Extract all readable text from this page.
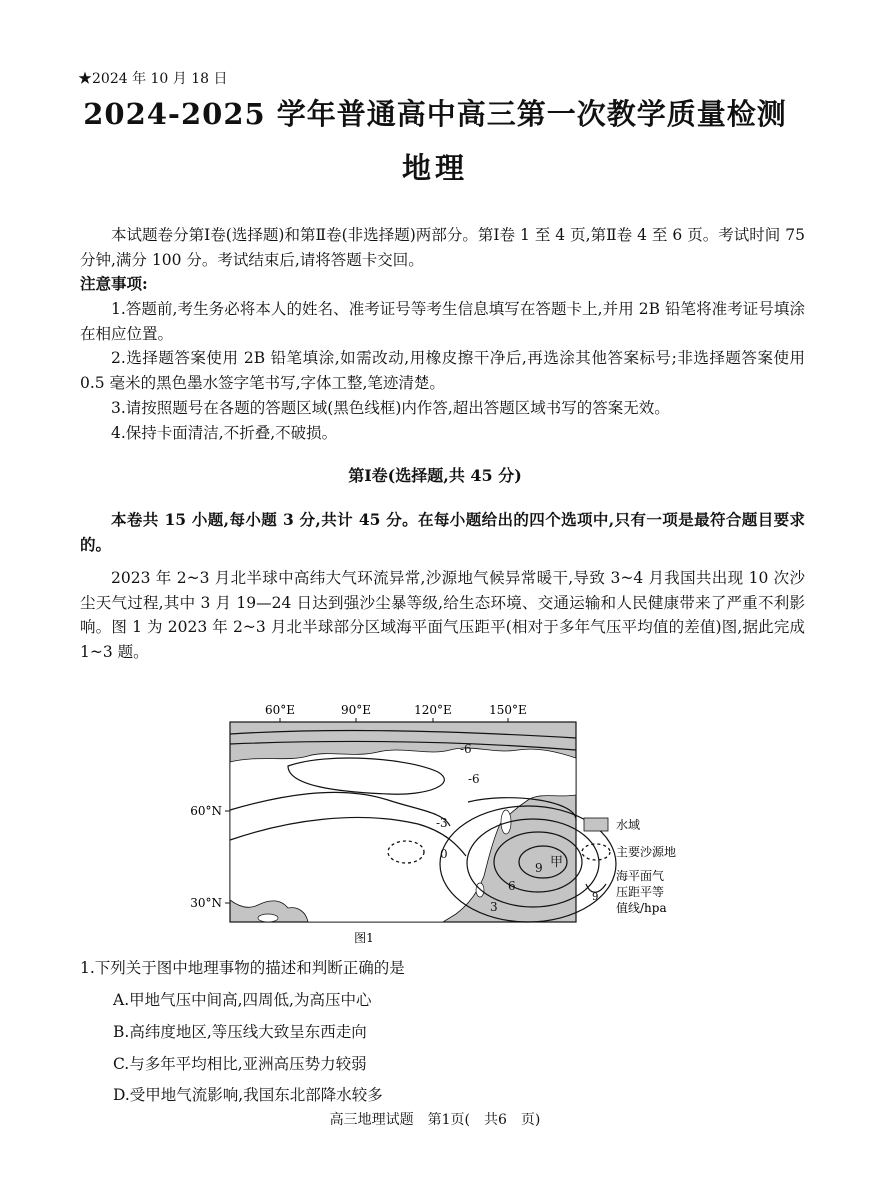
★2024 年 10 月 18 日
2024-2025 学年普通高中高三第一次教学质量检测
地理
本试题卷分第Ⅰ卷(选择题)和第Ⅱ卷(非选择题)两部分。第Ⅰ卷 1 至 4 页,第Ⅱ卷 4 至 6 页。考试时间 75 分钟,满分 100 分。考试结束后,请将答题卡交回。
注意事项:
1.答题前,考生务必将本人的姓名、准考证号等考生信息填写在答题卡上,并用 2B 铅笔将准考证号填涂在相应位置。
2.选择题答案使用 2B 铅笔填涂,如需改动,用橡皮擦干净后,再选涂其他答案标号;非选择题答案使用 0.5 毫米的黑色墨水签字笔书写,字体工整,笔迹清楚。
3.请按照题号在各题的答题区域(黑色线框)内作答,超出答题区域书写的答案无效。
4.保持卡面清洁,不折叠,不破损。
第Ⅰ卷(选择题,共 45 分)
本卷共 15 小题,每小题 3 分,共计 45 分。在每小题给出的四个选项中,只有一项是最符合题目要求的。
2023 年 2~3 月北半球中高纬大气环流异常,沙源地气候异常暖干,导致 3~4 月我国共出现 10 次沙尘天气过程,其中 3 月 19—24 日达到强沙尘暴等级,给生态环境、交通运输和人民健康带来了严重不利影响。图 1 为 2023 年 2~3 月北半球部分区域海平面气压距平(相对于多年气压平均值的差值)图,据此完成 1~3 题。
60°E	90°E	120°E	150°E
60°N
30°N
-6
-6
-3
0
9
6
3
甲
水域
主要沙源地
9
海平面气
压距平等
值线/hpa
图1
1.下列关于图中地理事物的描述和判断正确的是
A.甲地气压中间高,四周低,为高压中心
B.高纬度地区,等压线大致呈东西走向
C.与多年平均相比,亚洲高压势力较弱
D.受甲地气流影响,我国东北部降水较多
高三地理试题　第1页(　共6　页)
